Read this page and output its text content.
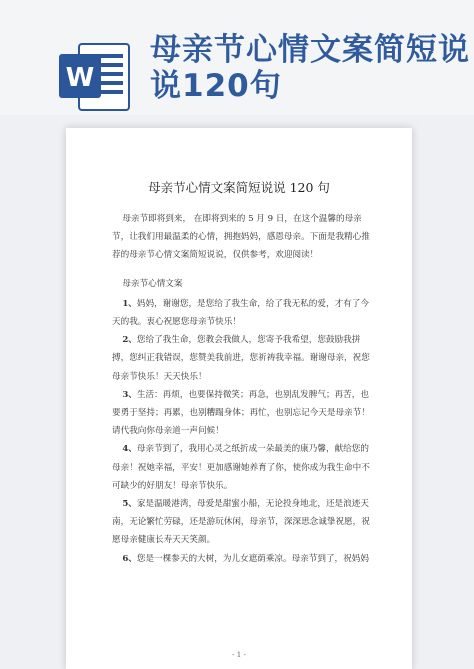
W
母亲节心情文案简短说说120句
母亲节心情文案简短说说 120 句

母亲节即将到来， 在即将到来的 5 月 9 日，在这个温馨的母亲节，让我们用最温柔的心情，拥抱妈妈，感恩母亲。下面是我精心推荐的母亲节心情文案简短说说，仅供参考，欢迎阅读！

母亲节心情文案

1、妈妈，谢谢您，是您给了我生命，给了我无私的爱，才有了今天的我。衷心祝愿您母亲节快乐！

2、您给了我生命，您教会我做人，您寄予我希望，您鼓励我拼搏，您纠正我错误，您赞美我前进，您祈祷我幸福。谢谢母亲，祝您母亲节快乐！天天快乐！

3、生活：再烦，也要保持微笑；再急，也别乱发脾气；再苦，也要勇于坚持；再累，也别糟蹋身体；再忙，也别忘记今天是母亲节！请代我向你母亲道一声问候！

4、母亲节到了，我用心灵之纸折成一朵最美的康乃馨，献给您的母亲！祝她幸福，平安！更加感谢她养育了你，使你成为我生命中不可缺少的好朋友！母亲节快乐。

5、家是温暖港湾，母爱是甜蜜小船，无论投身地北，还是浪迹天南，无论繁忙劳碌，还是游玩休闲，母亲节，深深思念诚挚祝愿，祝愿母亲健康长寿天天笑颜。

6、您是一棵参天的大树，为儿女遮荫乘凉。母亲节到了，祝妈妈

- 1 -
